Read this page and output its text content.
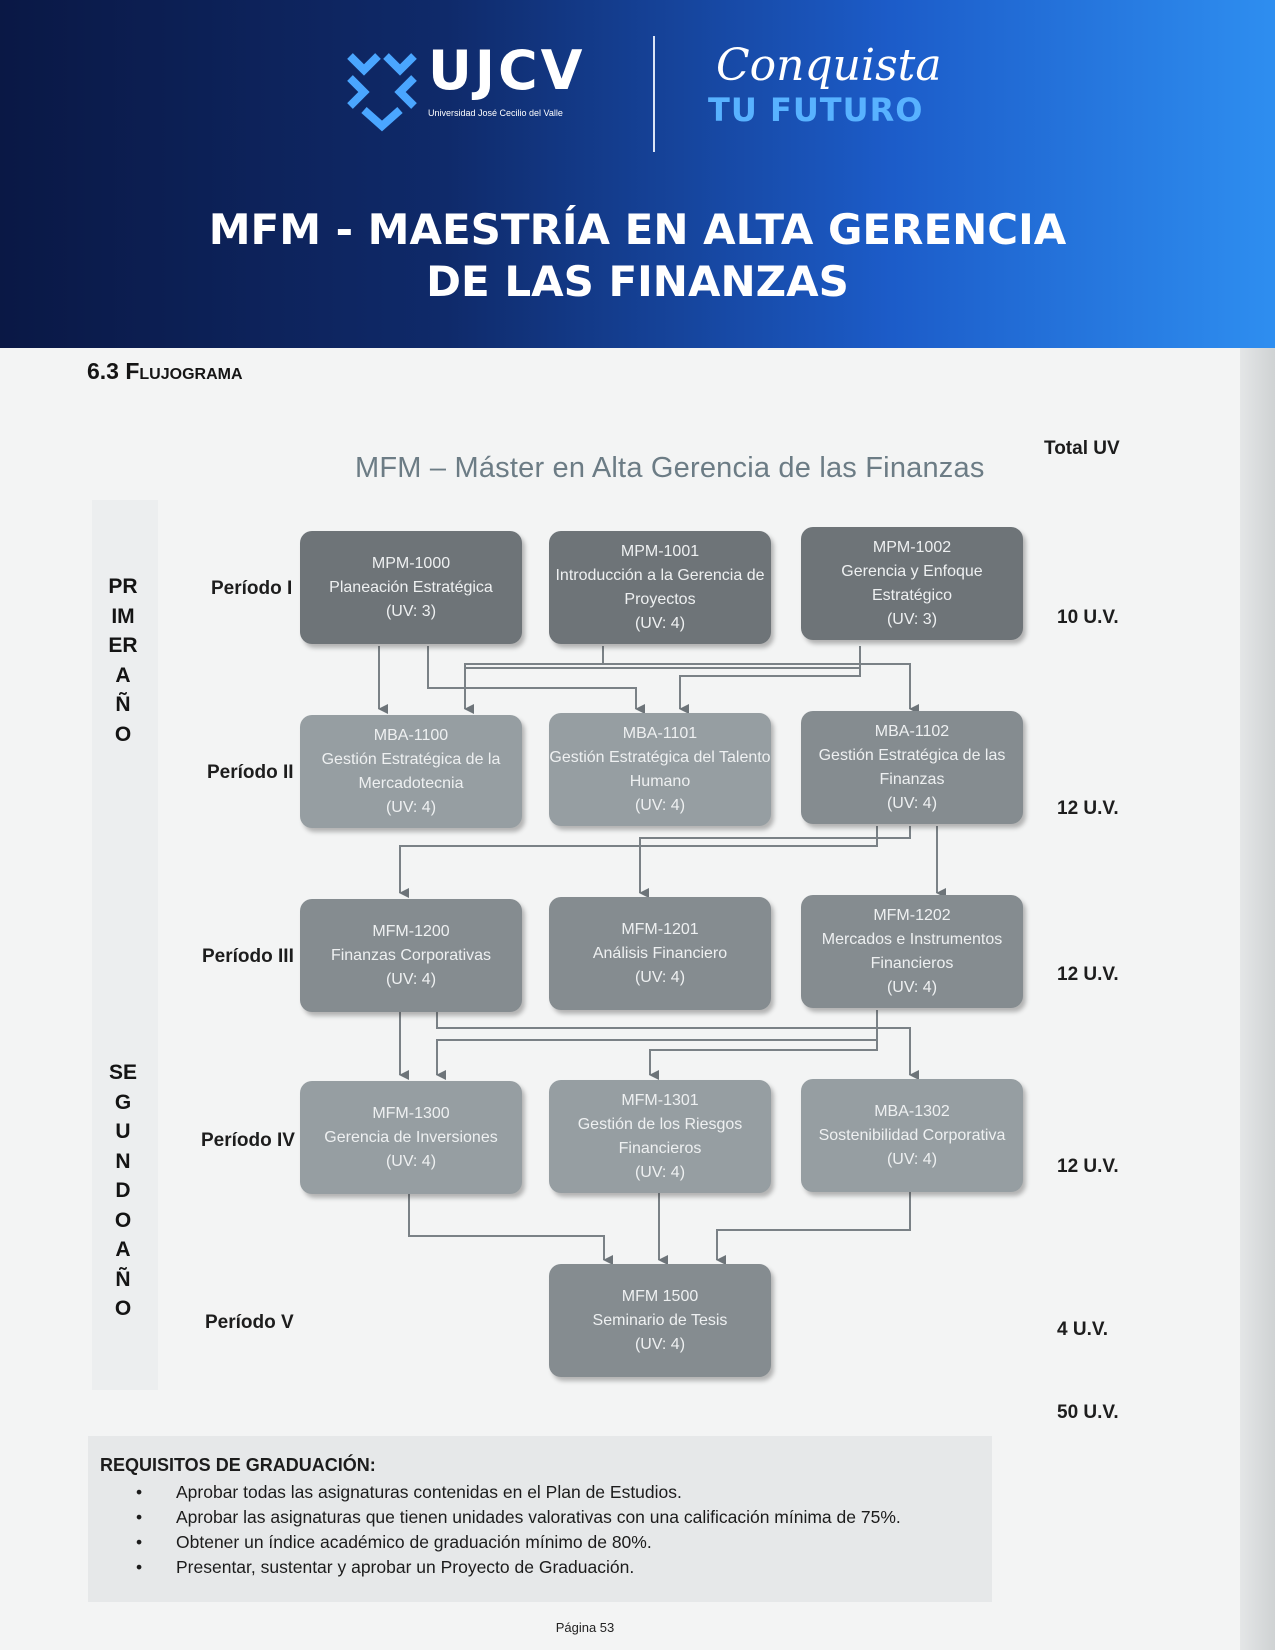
UJCV
Universidad José Cecilio del Valle
Conquista
TU FUTURO
MFM - MAESTRÍA EN ALTA GERENCIA
DE LAS FINANZAS
6.3 Flujograma
MFM – Máster en Alta Gerencia de las Finanzas
Total UV
PRIMER AÑO
SEGUNDO AÑO
Período I
Período II
Período III
Período IV
Período V
10 U.V.
12 U.V.
12 U.V.
12 U.V.
4 U.V.
50 U.V.
MPM-1000
Planeación Estratégica
(UV: 3)
MPM-1001
Introducción a la Gerencia de Proyectos
(UV: 4)
MPM-1002
Gerencia y Enfoque Estratégico
(UV: 3)
MBA-1100
Gestión Estratégica de la Mercadotecnia
(UV: 4)
MBA-1101
Gestión Estratégica del Talento Humano
(UV: 4)
MBA-1102
Gestión Estratégica de las Finanzas
(UV: 4)
MFM-1200
Finanzas Corporativas
(UV: 4)
MFM-1201
Análisis Financiero
(UV: 4)
MFM-1202
Mercados e Instrumentos Financieros
(UV: 4)
MFM-1300
Gerencia de Inversiones
(UV: 4)
MFM-1301
Gestión de los Riesgos Financieros
(UV: 4)
MBA-1302
Sostenibilidad Corporativa
(UV: 4)
MFM 1500
Seminario de Tesis
(UV: 4)
REQUISITOS DE GRADUACIÓN:
• Aprobar todas las asignaturas contenidas en el Plan de Estudios.
• Aprobar las asignaturas que tienen unidades valorativas con una calificación mínima de 75%.
• Obtener un índice académico de graduación mínimo de 80%.
• Presentar, sustentar y aprobar un Proyecto de Graduación.
Página 53
